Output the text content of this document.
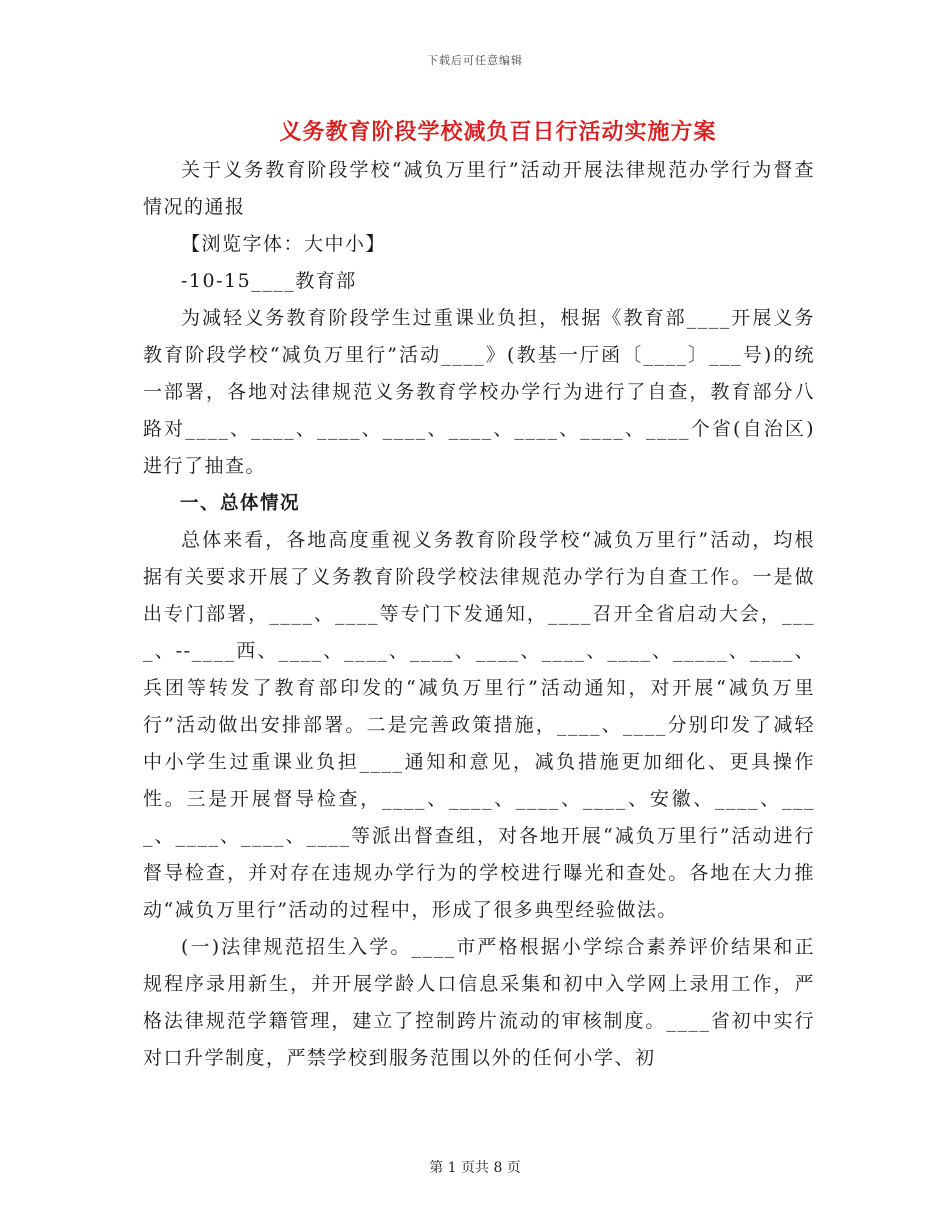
下载后可任意编辑
义务教育阶段学校减负百日行活动实施方案

关于义务教育阶段学校“减负万里行”活动开展法律规范办学行为督查情况的通报

【浏览字体：大中小】

-10-15____教育部

为减轻义务教育阶段学生过重课业负担，根据《教育部____开展义务教育阶段学校“减负万里行”活动____》(教基一厅函〔____〕___号)的统一部署，各地对法律规范义务教育学校办学行为进行了自查，教育部分八路对____、____、____、____、____、____、____、____个省(自治区)进行了抽查。

一、总体情况

总体来看，各地高度重视义务教育阶段学校“减负万里行”活动，均根据有关要求开展了义务教育阶段学校法律规范办学行为自查工作。一是做出专门部署，____、____等专门下发通知，____召开全省启动大会，____、--____西、____、____、____、____、____、____、_____、____、兵团等转发了教育部印发的“减负万里行”活动通知，对开展“减负万里行”活动做出安排部署。二是完善政策措施，____、____分别印发了减轻中小学生过重课业负担____通知和意见，减负措施更加细化、更具操作性。三是开展督导检查，____、____、____、____、安徽、____、____、____、____、____等派出督查组，对各地开展“减负万里行”活动进行督导检查，并对存在违规办学行为的学校进行曝光和查处。各地在大力推动“减负万里行”活动的过程中，形成了很多典型经验做法。

(一)法律规范招生入学。____市严格根据小学综合素养评价结果和正规程序录用新生，并开展学龄人口信息采集和初中入学网上录用工作，严格法律规范学籍管理，建立了控制跨片流动的审核制度。____省初中实行对口升学制度，严禁学校到服务范围以外的任何小学、初

第 1 页共 8 页
